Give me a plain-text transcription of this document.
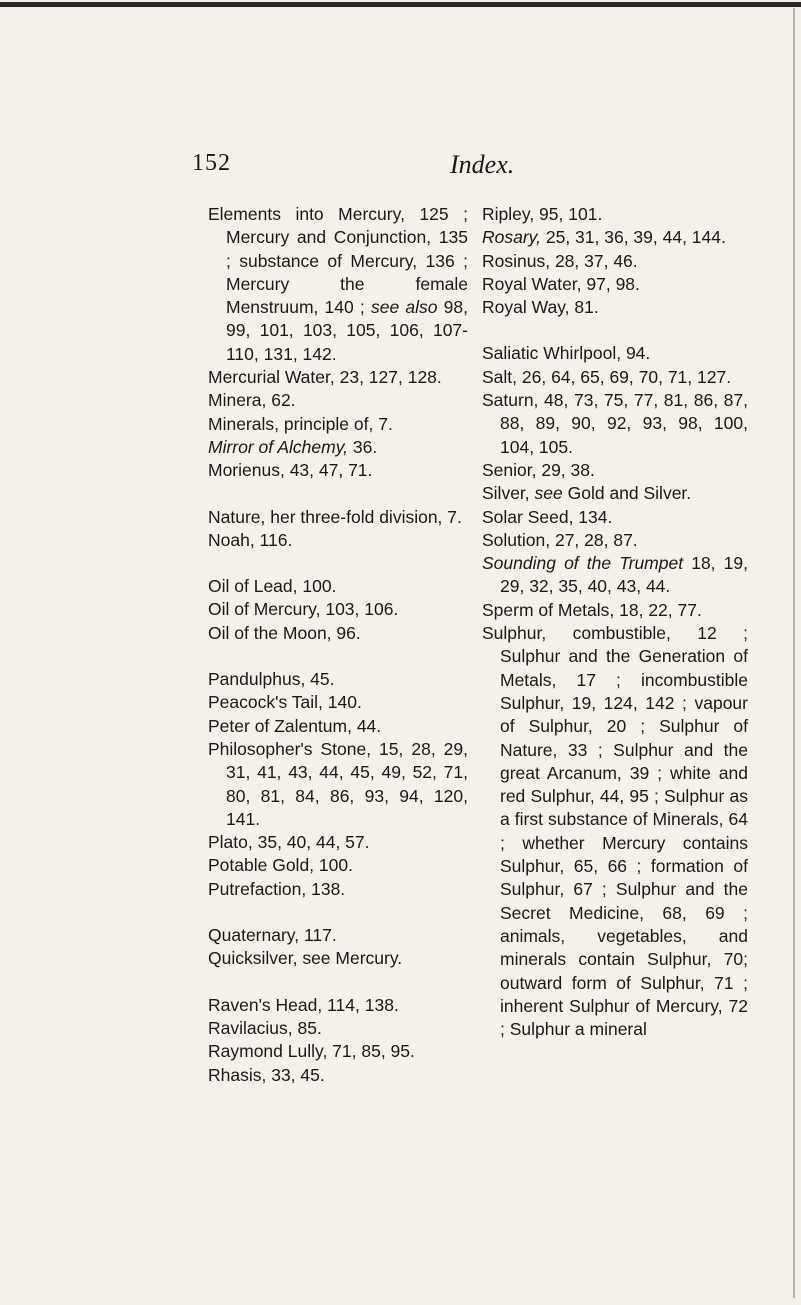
152	Index.

Elements into Mercury, 125 ; Mercury and Conjunction, 135 ; substance of Mercury, 136 ; Mercury the female Menstruum, 140 ; see also 98, 99, 101, 103, 105, 106, 107-110, 131, 142.

Mercurial Water, 23, 127, 128.

Minera, 62.

Minerals, principle of, 7.

Mirror of Alchemy, 36.

Morienus, 43, 47, 71.

Nature, her three-fold division, 7.

Noah, 116.

Oil of Lead, 100.

Oil of Mercury, 103, 106.

Oil of the Moon, 96.

Pandulphus, 45.

Peacock's Tail, 140.

Peter of Zalentum, 44.

Philosopher's Stone, 15, 28, 29, 31, 41, 43, 44, 45, 49, 52, 71, 80, 81, 84, 86, 93, 94, 120, 141.

Plato, 35, 40, 44, 57.

Potable Gold, 100.

Putrefaction, 138.

Quaternary, 117.

Quicksilver, see Mercury.

Raven's Head, 114, 138.

Ravilacius, 85.

Raymond Lully, 71, 85, 95.

Rhasis, 33, 45.

Ripley, 95, 101.

Rosary, 25, 31, 36, 39, 44, 144.

Rosinus, 28, 37, 46.

Royal Water, 97, 98.

Royal Way, 81.

Saliatic Whirlpool, 94.

Salt, 26, 64, 65, 69, 70, 71, 127.

Saturn, 48, 73, 75, 77, 81, 86, 87, 88, 89, 90, 92, 93, 98, 100, 104, 105.

Senior, 29, 38.

Silver, see Gold and Silver.

Solar Seed, 134.

Solution, 27, 28, 87.

Sounding of the Trumpet 18, 19, 29, 32, 35, 40, 43, 44.

Sperm of Metals, 18, 22, 77.

Sulphur, combustible, 12 ; Sulphur and the Generation of Metals, 17 ; incombustible Sulphur, 19, 124, 142 ; vapour of Sulphur, 20 ; Sulphur of Nature, 33 ; Sulphur and the great Arcanum, 39 ; white and red Sulphur, 44, 95 ; Sulphur as a first substance of Minerals, 64 ; whether Mercury contains Sulphur, 65, 66 ; formation of Sulphur, 67 ; Sulphur and the Secret Medicine, 68, 69 ; animals, vegetables, and minerals contain Sulphur, 70; outward form of Sulphur, 71 ; inherent Sulphur of Mercury, 72 ; Sulphur a mineral
